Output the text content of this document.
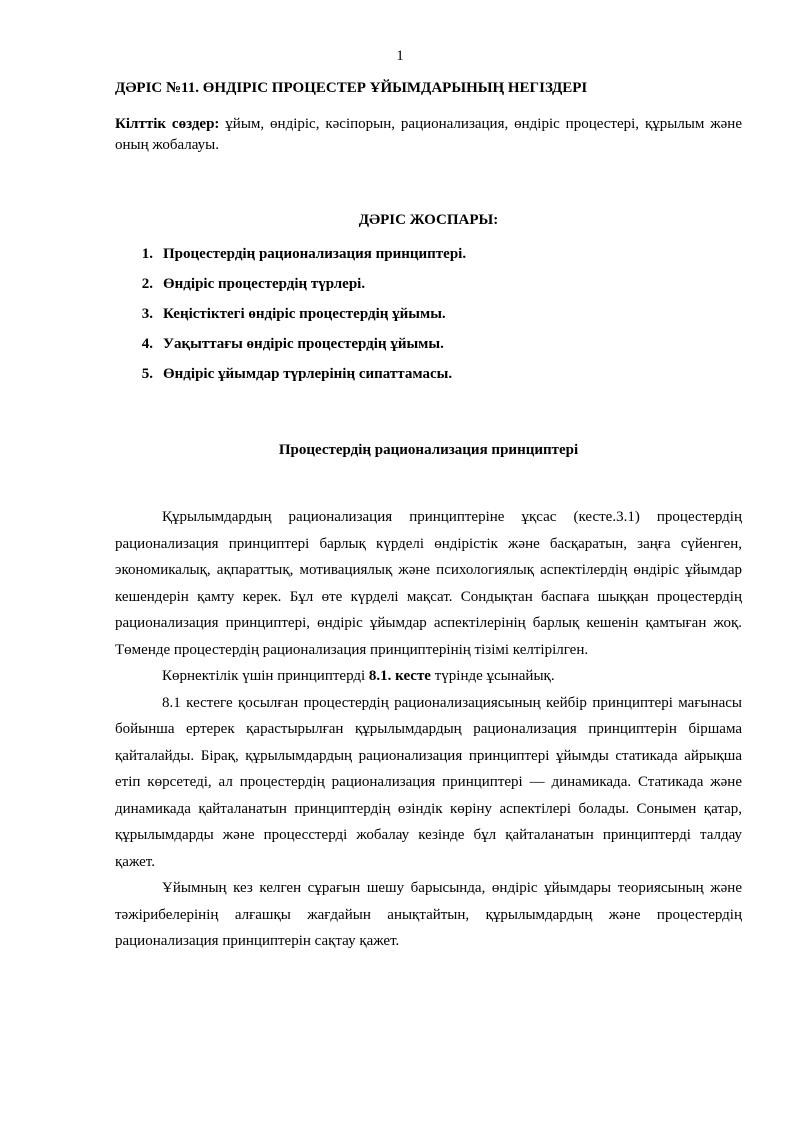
1

ДӘРІС №11. ӨНДІРІС ПРОЦЕСТЕР ҰЙЫМДАРЫНЫҢ НЕГІЗДЕРІ

Кілттік сөздер: ұйым, өндіріс, кәсіпорын, рационализация, өндіріс процестері, құрылым және оның жобалауы.

ДӘРІС ЖОСПАРЫ:

1. Процестердің рационализация принциптері.
2. Өндіріс процестердің түрлері.
3. Кеңістіктегі өндіріс процестердің ұйымы.
4. Уақыттағы өндіріс процестердің ұйымы.
5. Өндіріс ұйымдар түрлерінің сипаттамасы.

Процестердің рационализация принциптері

Құрылымдардың рационализация принциптеріне ұқсас (кесте.3.1) процестердің рационализация принциптері барлық күрделі өндірістік және басқаратын, заңға сүйенген, экономикалық, ақпараттық, мотивациялық және психологиялық аспектілердің өндіріс ұйымдар кешендерін қамту керек. Бұл өте күрделі мақсат. Сондықтан баспаға шыққан процестердің рационализация принциптері, өндіріс ұйымдар аспектілерінің барлық кешенін қамтыған жоқ. Төменде процестердің рационализация принциптерінің тізімі келтірілген.

Көрнектілік үшін принциптерді 8.1. кесте түрінде ұсынайық.

8.1 кестеге қосылған процестердің рационализациясының кейбір принциптері мағынасы бойынша ертерек қарастырылған құрылымдардың рационализация принциптерін біршама қайталайды. Бірақ, құрылымдардың рационализация принциптері ұйымды статикада айрықша етіп көрсетеді, ал процестердің рационализация принциптері — динамикада. Статикада және динамикада қайталанатын принциптердің өзіндік көріну аспектілері болады. Сонымен қатар, құрылымдарды және процесстерді жобалау кезінде бұл қайталанатын принциптерді талдау қажет.

Ұйымның кез келген сұрағын шешу барысында, өндіріс ұйымдары теориясының және тәжірибелерінің алғашқы жағдайын анықтайтын, құрылымдардың және процестердің рационализация принциптерін сақтау қажет.
